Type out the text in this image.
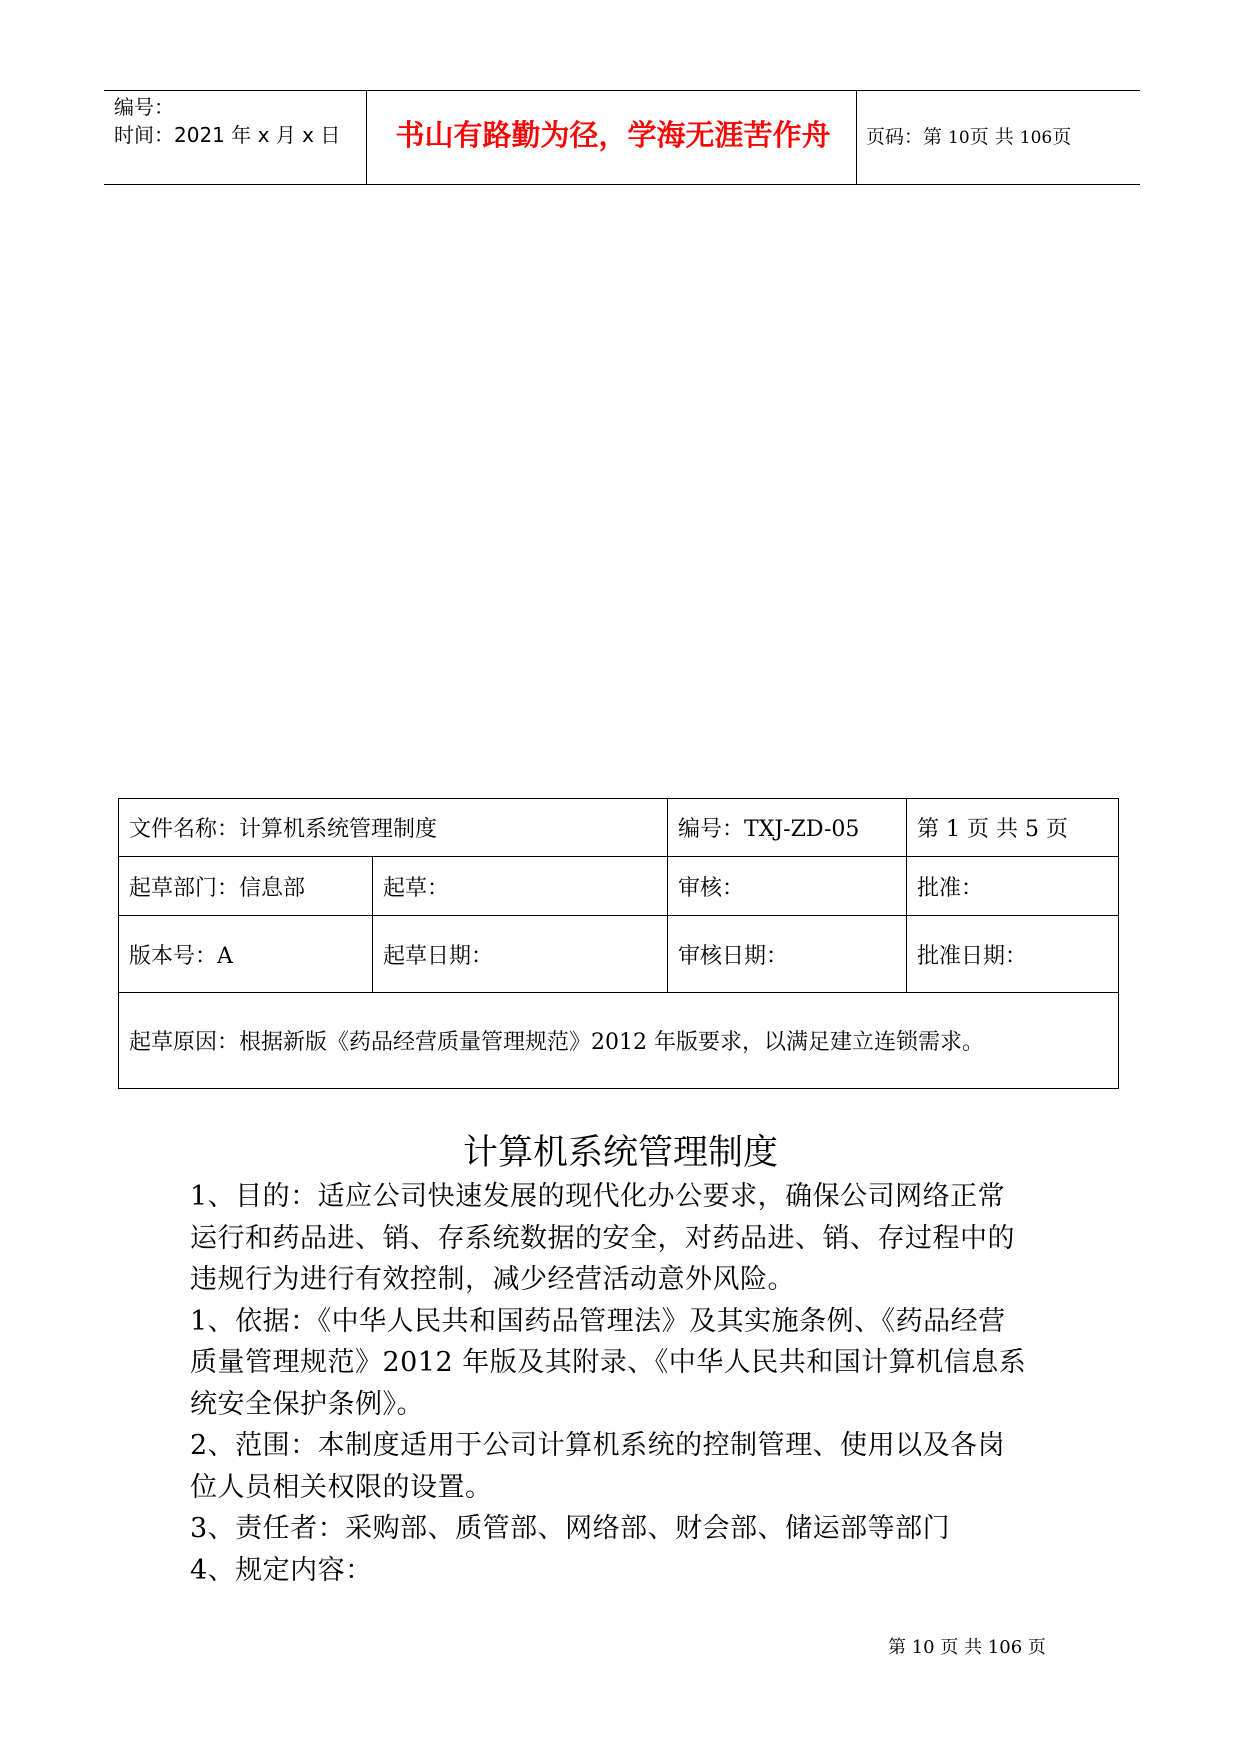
编号：
时间：2021 年 x 月 x 日	书山有路勤为径，学海无涯苦作舟	页码：第 10页 共 106页
文件名称：计算机系统管理制度		编号：TXJ-ZD-05	第 1 页 共 5 页
起草部门：信息部	起草：	审核：	批准：
版本号：A	起草日期：	审核日期：	批准日期：
起草原因：根据新版《药品经营质量管理规范》2012 年版要求，以满足建立连锁需求。			
计算机系统管理制度

1、目的：适应公司快速发展的现代化办公要求，确保公司网络正常

运行和药品进、销、存系统数据的安全，对药品进、销、存过程中的

违规行为进行有效控制，减少经营活动意外风险。

1、依据：《中华人民共和国药品管理法》及其实施条例、《药品经营

质量管理规范》2012 年版及其附录、《中华人民共和国计算机信息系

统安全保护条例》。

2、范围：本制度适用于公司计算机系统的控制管理、使用以及各岗

位人员相关权限的设置。

3、责任者：采购部、质管部、网络部、财会部、储运部等部门

4、规定内容：

第 10 页 共 106 页
